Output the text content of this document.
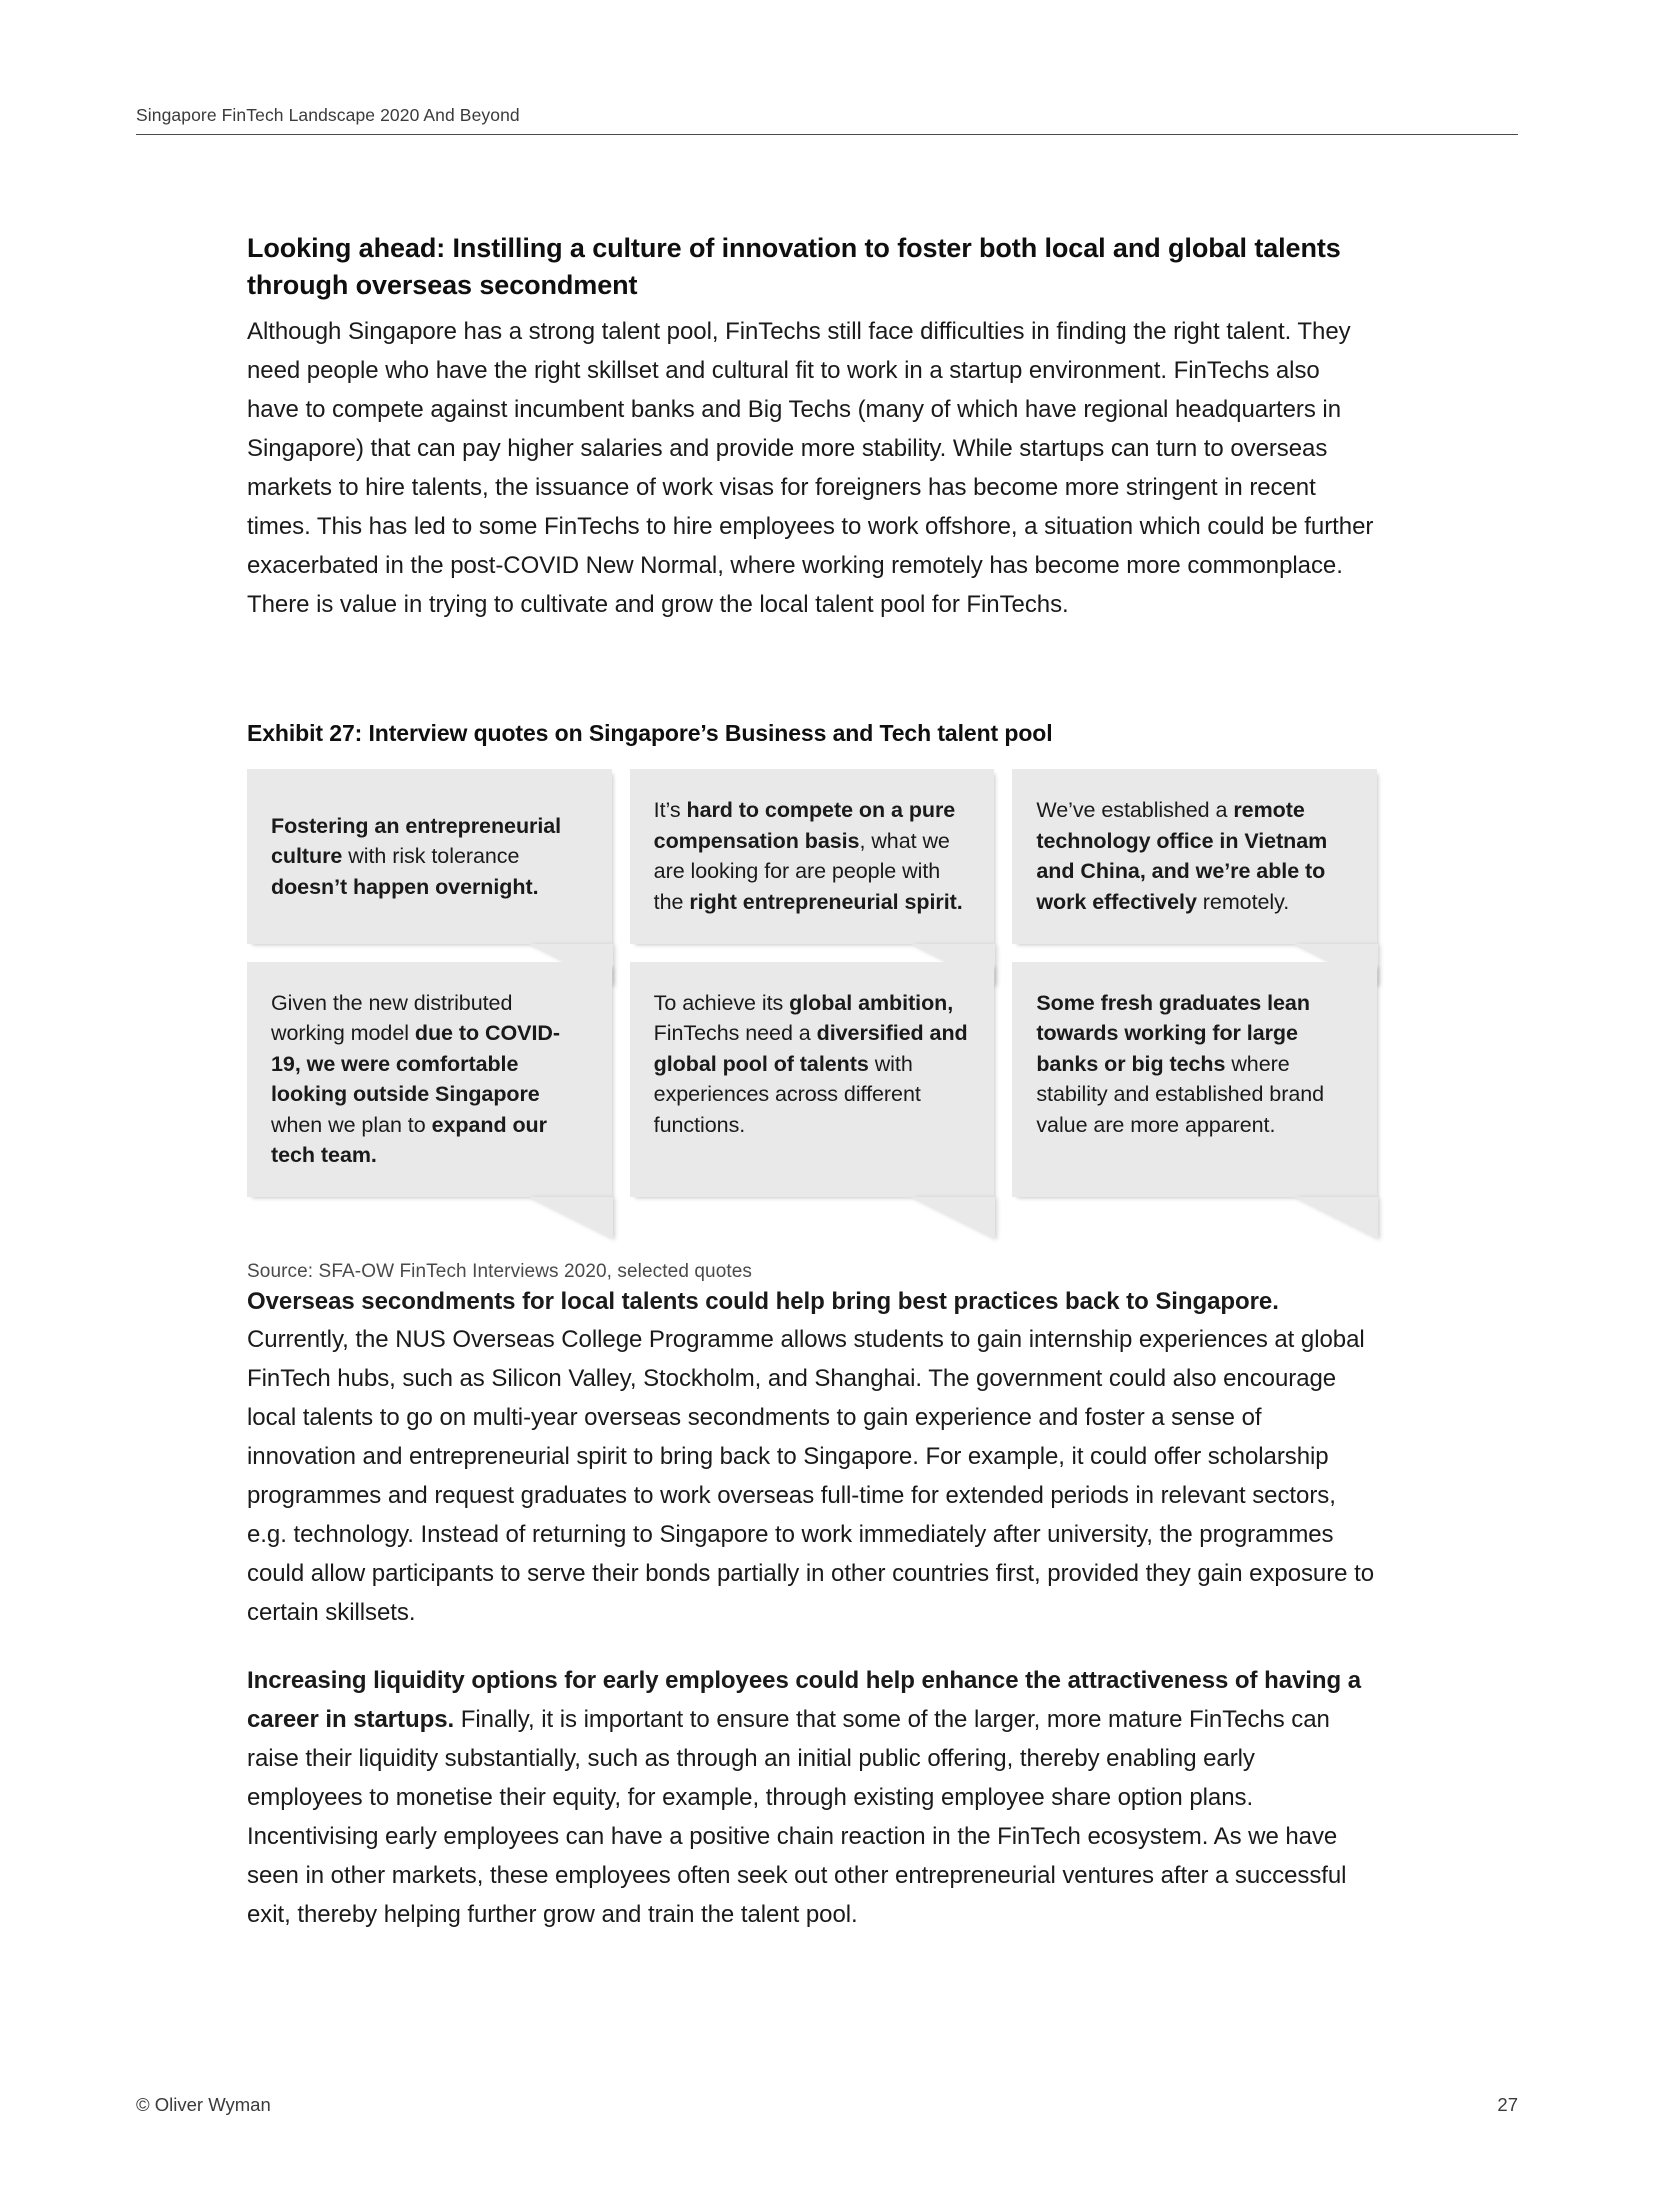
Singapore FinTech Landscape 2020 And Beyond
Looking ahead: Instilling a culture of innovation to foster both local and global talents through overseas secondment

Although Singapore has a strong talent pool, FinTechs still face difficulties in finding the right talent. They need people who have the right skillset and cultural fit to work in a startup environment. FinTechs also have to compete against incumbent banks and Big Techs (many of which have regional headquarters in Singapore) that can pay higher salaries and provide more stability. While startups can turn to overseas markets to hire talents, the issuance of work visas for foreigners has become more stringent in recent times. This has led to some FinTechs to hire employees to work offshore, a situation which could be further exacerbated in the post-COVID New Normal, where working remotely has become more commonplace. There is value in trying to cultivate and grow the local talent pool for FinTechs.

Exhibit 27: Interview quotes on Singapore’s Business and Tech talent pool
Fostering an entrepreneurial culture with risk tolerance doesn’t happen overnight.
It’s hard to compete on a pure compensation basis, what we are looking for are people with the right entrepreneurial spirit.
We’ve established a remote technology office in Vietnam and China, and we’re able to work effectively remotely.
Given the new distributed working model due to COVID-19, we were comfortable looking outside Singapore when we plan to expand our tech team.
To achieve its global ambition, FinTechs need a diversified and global pool of talents with experiences across different functions.
Some fresh graduates lean towards working for large banks or big techs where stability and established brand value are more apparent.
Source: SFA-OW FinTech Interviews 2020, selected quotes

Overseas secondments for local talents could help bring best practices back to Singapore. Currently, the NUS Overseas College Programme allows students to gain internship experiences at global FinTech hubs, such as Silicon Valley, Stockholm, and Shanghai. The government could also encourage local talents to go on multi-year overseas secondments to gain experience and foster a sense of innovation and entrepreneurial spirit to bring back to Singapore. For example, it could offer scholarship programmes and request graduates to work overseas full-time for extended periods in relevant sectors, e.g. technology. Instead of returning to Singapore to work immediately after university, the programmes could allow participants to serve their bonds partially in other countries first, provided they gain exposure to certain skillsets.

Increasing liquidity options for early employees could help enhance the attractiveness of having a career in startups. Finally, it is important to ensure that some of the larger, more mature FinTechs can raise their liquidity substantially, such as through an initial public offering, thereby enabling early employees to monetise their equity, for example, through existing employee share option plans. Incentivising early employees can have a positive chain reaction in the FinTech ecosystem. As we have seen in other markets, these employees often seek out other entrepreneurial ventures after a successful exit, thereby helping further grow and train the talent pool.

© Oliver Wyman	27
